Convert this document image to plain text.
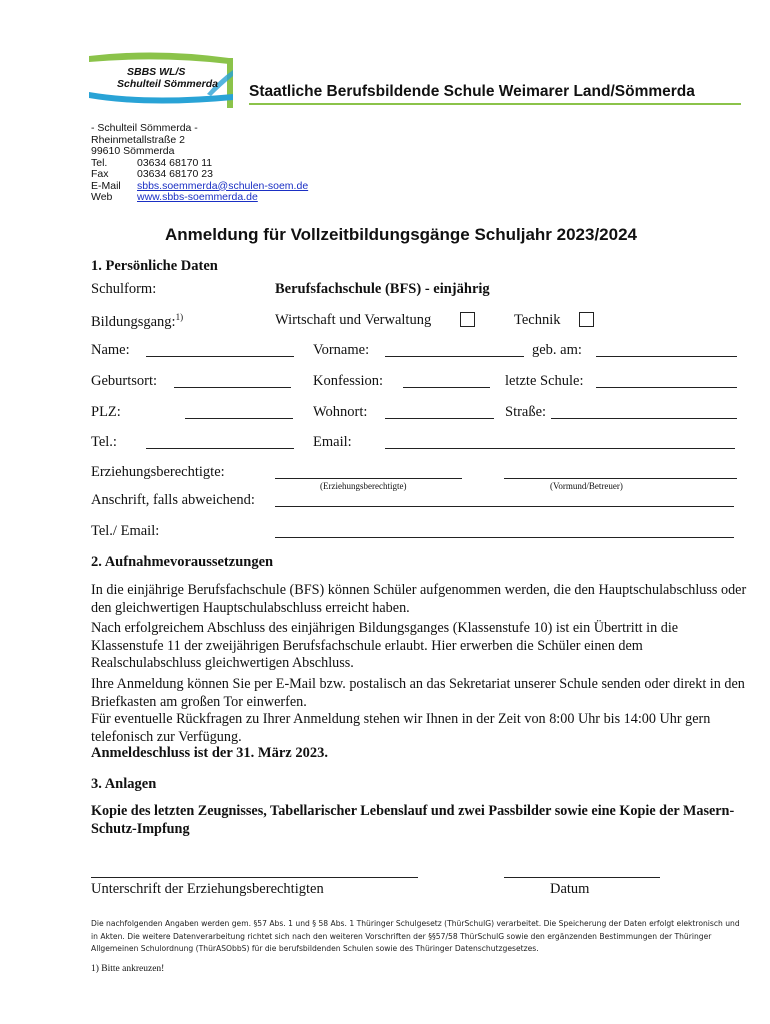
SBBS WL/S
Schulteil Sömmerda Staatliche Berufsbildende Schule Weimarer Land/Sömmerda
- Schulteil Sömmerda -	
Rheinmetallstraße 2	
99610 Sömmerda	
Tel.	03634 68170 11
Fax	03634 68170 23
E-Mail	sbbs.soemmerda@schulen-soem.de
Web	www.sbbs-soemmerda.de
Anmeldung für Vollzeitbildungsgänge Schuljahr 2023/2024
1. Persönliche Daten
Schulform:	Berufsfachschule (BFS) - einjährig
Bildungsgang:$^{1)}$	Wirtschaft und Verwaltung	Technik
Name:	Vorname:	geb. am:
Geburtsort:	Konfession:	letzte Schule:
PLZ:	Wohnort:	Straße:
Tel.:	Email:
Erziehungsberechtigte:
(Erziehungsberechtigte)	(Vormund/Betreuer)
Anschrift, falls abweichend:
Tel./ Email:
2. Aufnahmevoraussetzungen
In die einjährige Berufsfachschule (BFS) können Schüler aufgenommen werden, die den Hauptschulabschluss oder den gleichwertigen Hauptschulabschluss erreicht haben.
Nach erfolgreichem Abschluss des einjährigen Bildungsganges (Klassenstufe 10) ist ein Übertritt in die Klassenstufe 11 der zweijährigen Berufsfachschule erlaubt. Hier erwerben die Schüler einen dem Realschulabschluss gleichwertigen Abschluss.
Ihre Anmeldung können Sie per E-Mail bzw. postalisch an das Sekretariat unserer Schule senden oder direkt in den Briefkasten am großen Tor einwerfen.
Für eventuelle Rückfragen zu Ihrer Anmeldung stehen wir Ihnen in der Zeit von 8:00 Uhr bis 14:00 Uhr gern telefonisch zur Verfügung.
Anmeldeschluss ist der 31. März 2023.
3. Anlagen
Kopie des letzten Zeugnisses, Tabellarischer Lebenslauf und zwei Passbilder sowie eine Kopie der Masern-Schutz-Impfung
Unterschrift der Erziehungsberechtigten	Datum
Die nachfolgenden Angaben werden gem. §57 Abs. 1 und § 58 Abs. 1 Thüringer Schulgesetz (ThürSchulG) verarbeitet. Die Speicherung der Daten erfolgt elektronisch und in Akten. Die weitere Datenverarbeitung richtet sich nach den weiteren Vorschriften der §§57/58 ThürSchulG sowie den ergänzenden Bestimmungen der Thüringer Allgemeinen Schulordnung (ThürASObbS) für die berufsbildenden Schulen sowie des Thüringer Datenschutzgesetzes.
1) Bitte ankreuzen!
